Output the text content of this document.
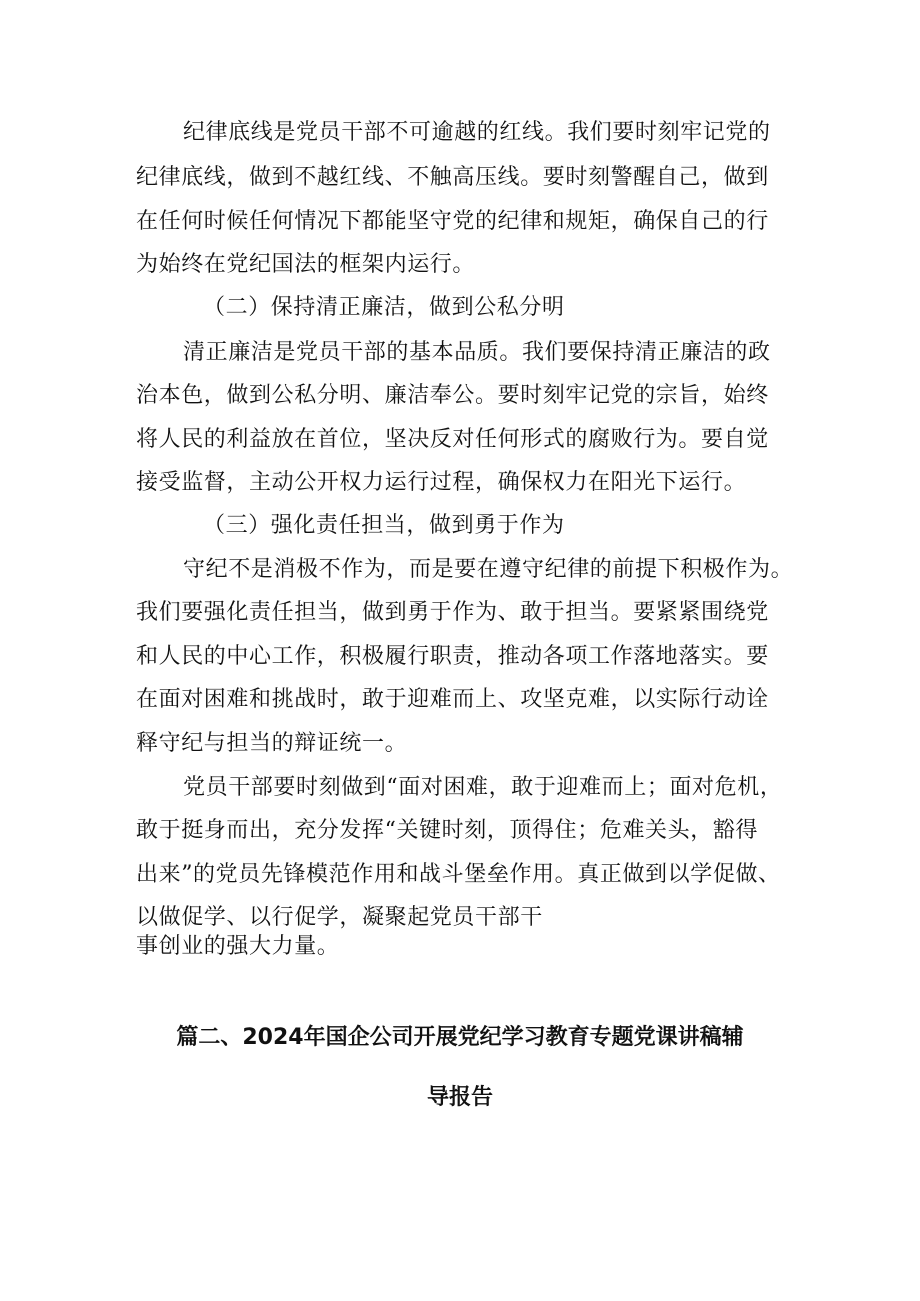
纪律底线是党员干部不可逾越的红线。我们要时刻牢记党的
纪律底线，做到不越红线、不触高压线。要时刻警醒自己，做到
在任何时候任何情况下都能坚守党的纪律和规矩，确保自己的行
为始终在党纪国法的框架内运行。
（二）保持清正廉洁，做到公私分明
清正廉洁是党员干部的基本品质。我们要保持清正廉洁的政
治本色，做到公私分明、廉洁奉公。要时刻牢记党的宗旨，始终
将人民的利益放在首位，坚决反对任何形式的腐败行为。要自觉
接受监督，主动公开权力运行过程，确保权力在阳光下运行。
（三）强化责任担当，做到勇于作为
守纪不是消极不作为，而是要在遵守纪律的前提下积极作为。
我们要强化责任担当，做到勇于作为、敢于担当。要紧紧围绕党
和人民的中心工作，积极履行职责，推动各项工作落地落实。要
在面对困难和挑战时，敢于迎难而上、攻坚克难，以实际行动诠
释守纪与担当的辩证统一。
党员干部要时刻做到“面对困难，敢于迎难而上；面对危机，
敢于挺身而出，充分发挥“关键时刻，顶得住；危难关头，豁得
出来”的党员先锋模范作用和战斗堡垒作用。真正做到以学促做、
以做促学、以行促学，凝聚起党员干部干
事创业的强大力量。
篇二、2024年国企公司开展党纪学习教育专题党课讲稿辅
导报告
